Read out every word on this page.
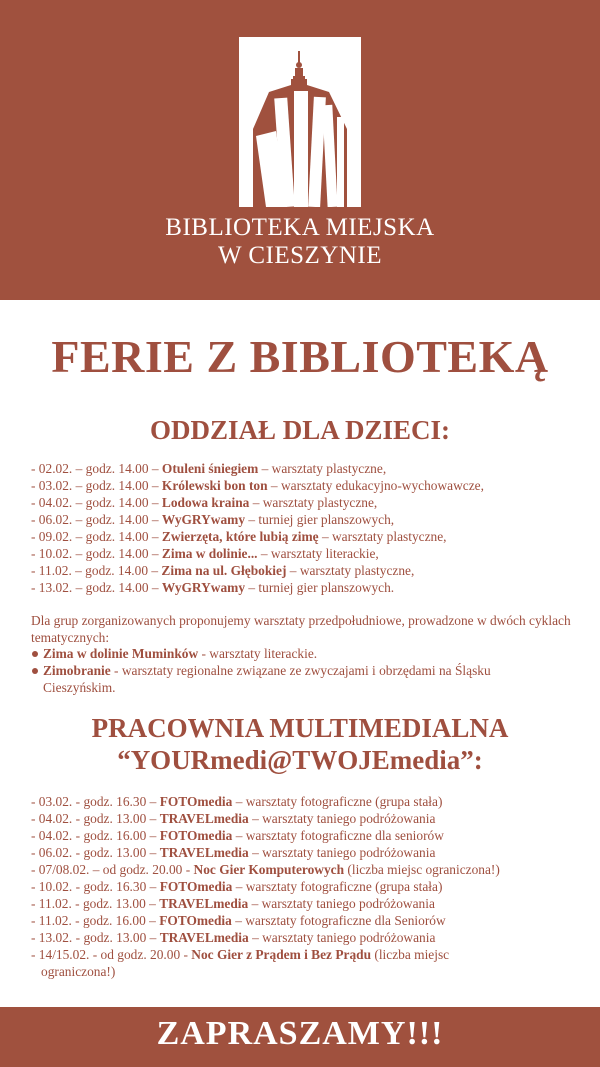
BIBLIOTEKA MIEJSKA
W CIESZYNIE
FERIE Z BIBLIOTEKĄ
ODDZIAŁ DLA DZIECI:
- 02.02. – godz. 14.00 – Otuleni śniegiem – warsztaty plastyczne,
- 03.02. – godz. 14.00 – Królewski bon ton – warsztaty edukacyjno-wychowawcze,
- 04.02. – godz. 14.00 – Lodowa kraina – warsztaty plastyczne,
- 06.02. – godz. 14.00 – WyGRYwamy – turniej gier planszowych,
- 09.02. – godz. 14.00 – Zwierzęta, które lubią zimę – warsztaty plastyczne,
- 10.02. – godz. 14.00 – Zima w dolinie... – warsztaty literackie,
- 11.02. – godz. 14.00 – Zima na ul. Głębokiej – warsztaty plastyczne,
- 13.02. – godz. 14.00 – WyGRYwamy – turniej gier planszowych.

Dla grup zorganizowanych proponujemy warsztaty przedpołudniowe, prowadzone w dwóch cyklach tematycznych:

Zima w dolinie Muminków - warsztaty literackie.
Zimobranie - warsztaty regionalne związane ze zwyczajami i obrzędami na Śląsku
Cieszyńskim.
PRACOWNIA MULTIMEDIALNA
“YOURmedi@TWOJEmedia”:
- 03.02. - godz. 16.30 – FOTOmedia – warsztaty fotograficzne (grupa stała)
- 04.02. - godz. 13.00 – TRAVELmedia – warsztaty taniego podróżowania
- 04.02. - godz. 16.00 – FOTOmedia – warsztaty fotograficzne dla seniorów
- 06.02. - godz. 13.00 – TRAVELmedia – warsztaty taniego podróżowania
- 07/08.02. – od godz. 20.00 - Noc Gier Komputerowych (liczba miejsc ograniczona!)
- 10.02. - godz. 16.30 – FOTOmedia – warsztaty fotograficzne (grupa stała)
- 11.02. - godz. 13.00 – TRAVELmedia – warsztaty taniego podróżowania
- 11.02. - godz. 16.00 – FOTOmedia – warsztaty fotograficzne dla Seniorów
- 13.02. - godz. 13.00 – TRAVELmedia – warsztaty taniego podróżowania
- 14/15.02. - od godz. 20.00 - Noc Gier z Prądem i Bez Prądu (liczba miejsc
ograniczona!)
ZAPRASZAMY!!!
